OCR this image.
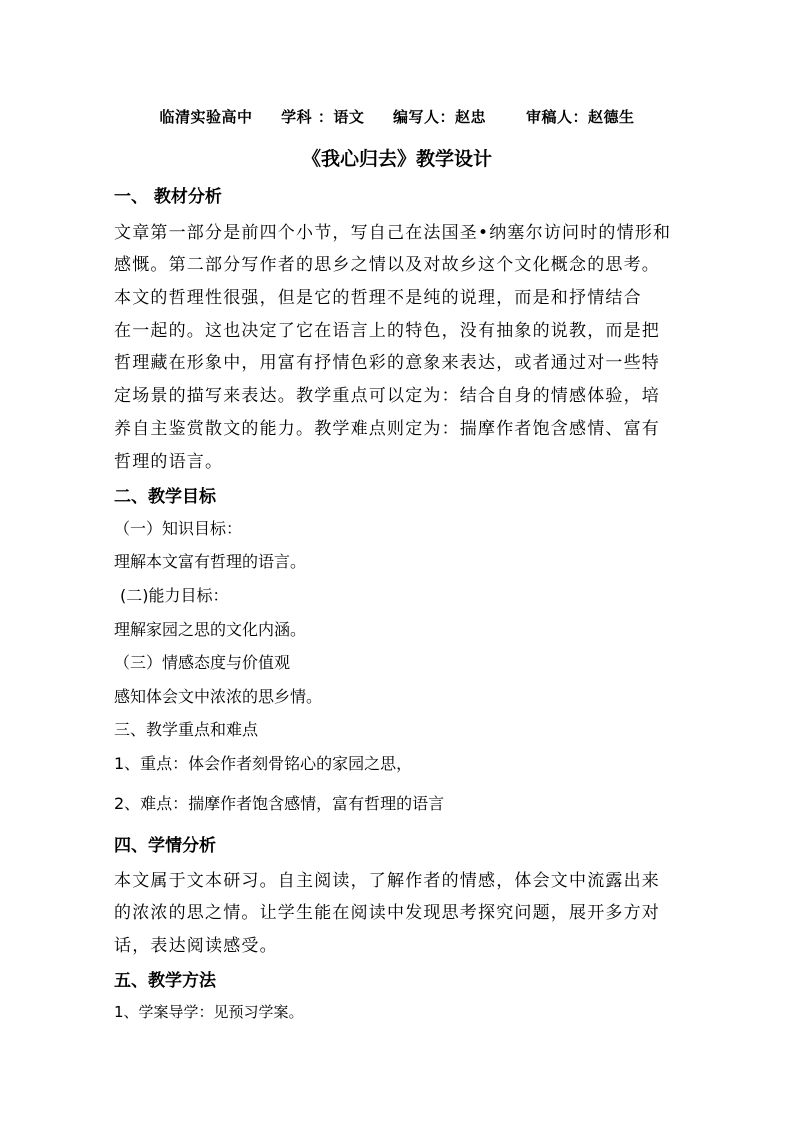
临清实验高中 学科 ：语文 编写人：赵忠	审稿人：赵德生
《我心归去》教学设计
一、 教材分析
文章第一部分是前四个小节，写自己在法国圣•纳塞尔访问时的情形和
感慨。第二部分写作者的思乡之情以及对故乡这个文化概念的思考。
本文的哲理性很强，但是它的哲理不是纯的说理，而是和抒情结合
在一起的。这也决定了它在语言上的特色，没有抽象的说教，而是把
哲理藏在形象中，用富有抒情色彩的意象来表达，或者通过对一些特
定场景的描写来表达。教学重点可以定为：结合自身的情感体验，培
养自主鉴赏散文的能力。教学难点则定为：揣摩作者饱含感情、富有
哲理的语言。
二、教学目标
（一）知识目标：
理解本文富有哲理的语言。
(二)能力目标：
理解家园之思的文化内涵。
（三）情感态度与价值观
感知体会文中浓浓的思乡情。
三、教学重点和难点
1、重点：体会作者刻骨铭心的家园之思，
2、难点：揣摩作者饱含感情，富有哲理的语言
四、学情分析
本文属于文本研习。自主阅读，了解作者的情感，体会文中流露出来
的浓浓的思之情。让学生能在阅读中发现思考探究问题，展开多方对
话，表达阅读感受。
五、教学方法
1、学案导学：见预习学案。
